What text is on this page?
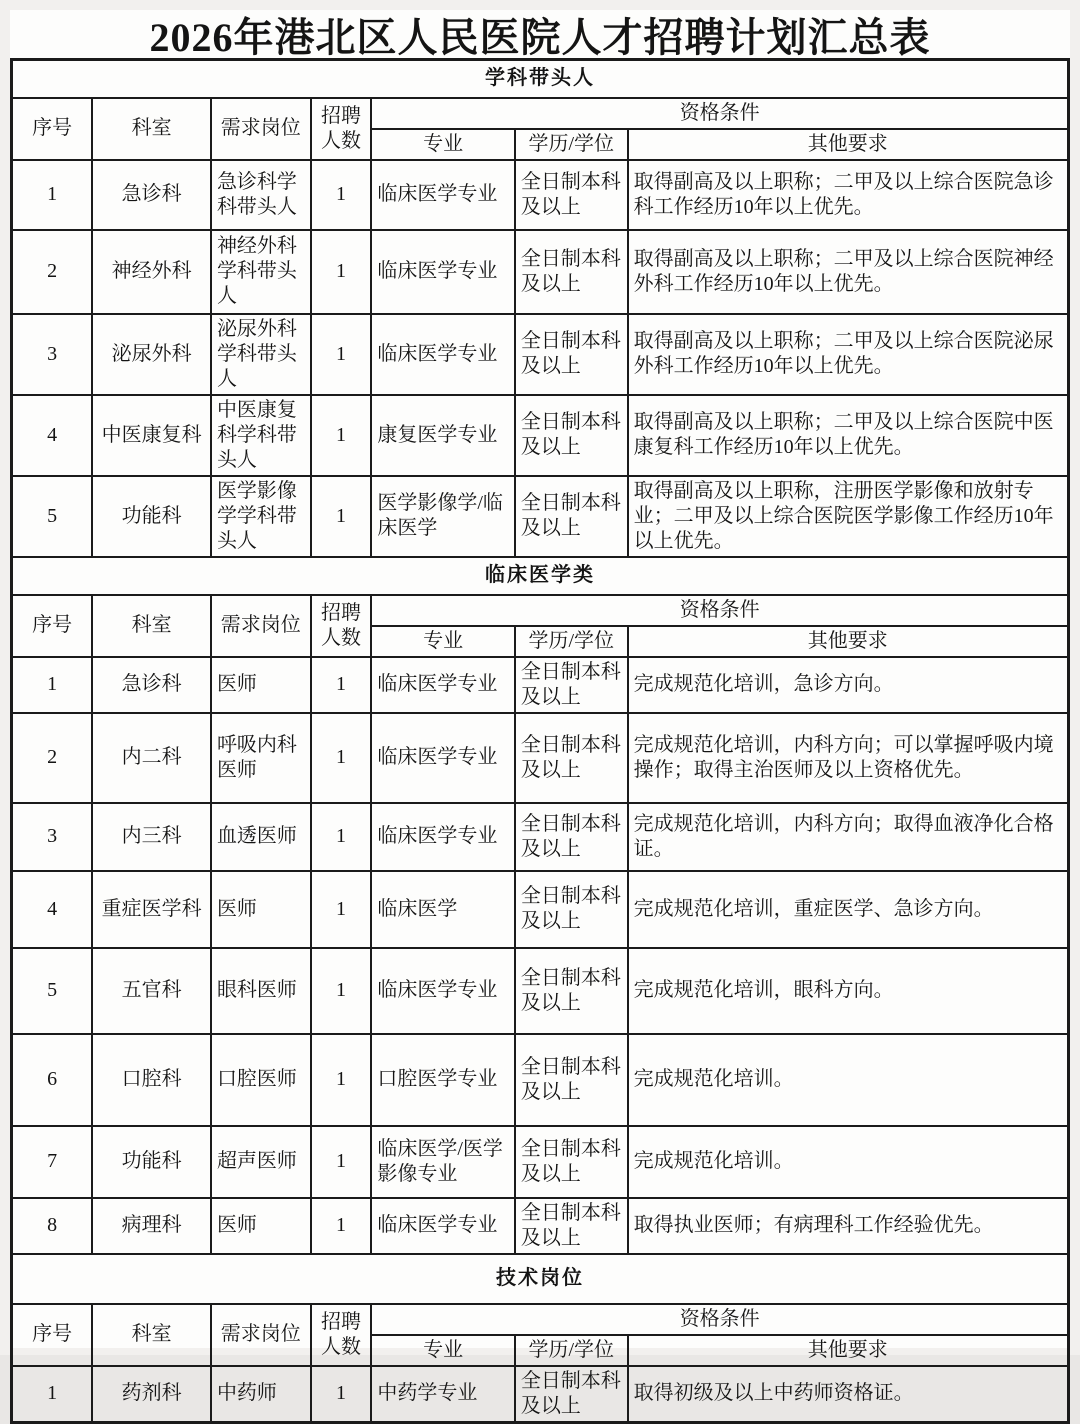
2026年港北区人民医院人才招聘计划汇总表
学科带头人						
序号	科室	需求岗位	招聘人数	资格条件		
				专业	学历/学位	其他要求
1	急诊科	急诊科学科带头人	1	临床医学专业	全日制本科及以上	取得副高及以上职称；二甲及以上综合医院急诊科工作经历10年以上优先。
2	神经外科	神经外科学科带头人	1	临床医学专业	全日制本科及以上	取得副高及以上职称；二甲及以上综合医院神经外科工作经历10年以上优先。
3	泌尿外科	泌尿外科学科带头人	1	临床医学专业	全日制本科及以上	取得副高及以上职称；二甲及以上综合医院泌尿外科工作经历10年以上优先。
4	中医康复科	中医康复科学科带头人	1	康复医学专业	全日制本科及以上	取得副高及以上职称；二甲及以上综合医院中医康复科工作经历10年以上优先。
5	功能科	医学影像学学科带头人	1	医学影像学/临床医学	全日制本科及以上	取得副高及以上职称，注册医学影像和放射专业；二甲及以上综合医院医学影像工作经历10年以上优先。
临床医学类						
序号	科室	需求岗位	招聘人数	资格条件		
				专业	学历/学位	其他要求
1	急诊科	医师	1	临床医学专业	全日制本科及以上	完成规范化培训，急诊方向。
2	内二科	呼吸内科医师	1	临床医学专业	全日制本科及以上	完成规范化培训，内科方向；可以掌握呼吸内境操作；取得主治医师及以上资格优先。
3	内三科	血透医师	1	临床医学专业	全日制本科及以上	完成规范化培训，内科方向；取得血液净化合格证。
4	重症医学科	医师	1	临床医学	全日制本科及以上	完成规范化培训，重症医学、急诊方向。
5	五官科	眼科医师	1	临床医学专业	全日制本科及以上	完成规范化培训，眼科方向。
6	口腔科	口腔医师	1	口腔医学专业	全日制本科及以上	完成规范化培训。
7	功能科	超声医师	1	临床医学/医学影像专业	全日制本科及以上	完成规范化培训。
8	病理科	医师	1	临床医学专业	全日制本科及以上	取得执业医师；有病理科工作经验优先。
技术岗位						
序号	科室	需求岗位	招聘人数	资格条件		
				专业	学历/学位	其他要求
1	药剂科	中药师	1	中药学专业	全日制本科及以上	取得初级及以上中药师资格证。
